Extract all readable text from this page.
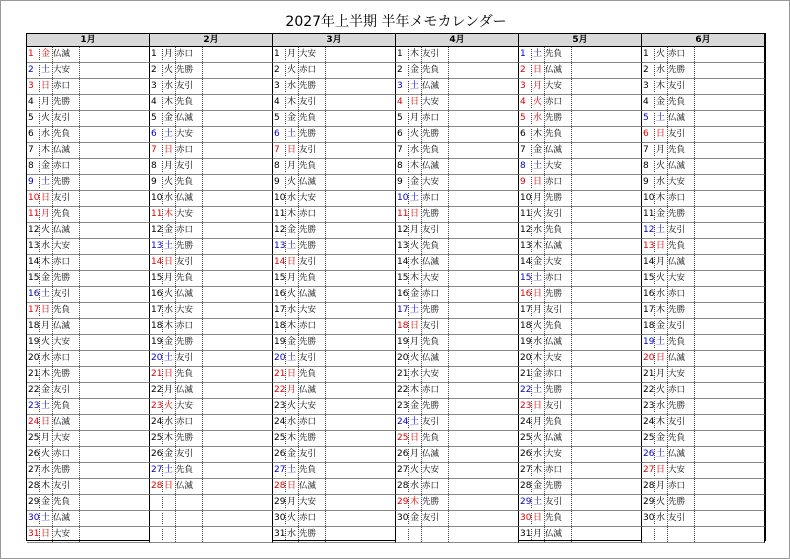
2027年上半期 半年メモカレンダー
1月
1 金 仏滅
2 土 大安
3 日 赤口
4 月 先勝
5 火 友引
6 水 先負
7 木 仏滅
8 金 赤口
9 土 先勝
10 日 友引
11 月 先負
12 火 仏滅
13 水 大安
14 木 赤口
15 金 先勝
16 土 友引
17 日 先負
18 月 仏滅
19 火 大安
20 水 赤口
21 木 先勝
22 金 友引
23 土 先負
24 日 仏滅
25 月 大安
26 火 赤口
27 水 先勝
28 木 友引
29 金 先負
30 土 仏滅
31 日 大安
2月
1 月 赤口
2 火 先勝
3 水 友引
4 木 先負
5 金 仏滅
6 土 大安
7 日 赤口
8 月 友引
9 火 先負
10 水 仏滅
11 木 大安
12 金 赤口
13 土 先勝
14 日 友引
15 月 先負
16 火 仏滅
17 水 大安
18 木 赤口
19 金 先勝
20 土 友引
21 日 先負
22 月 仏滅
23 火 大安
24 水 赤口
25 木 先勝
26 金 友引
27 土 先負
28 日 仏滅
3月
1 月 大安
2 火 赤口
3 水 先勝
4 木 友引
5 金 先負
6 土 先勝
7 日 友引
8 月 先負
9 火 仏滅
10 水 大安
11 木 赤口
12 金 先勝
13 土 先勝
14 日 友引
15 月 先負
16 火 仏滅
17 水 大安
18 木 赤口
19 金 先勝
20 土 友引
21 日 先負
22 月 仏滅
23 火 大安
24 水 赤口
25 木 先勝
26 金 友引
27 土 先負
28 日 仏滅
29 月 大安
30 火 赤口
31 水 先勝
4月
1 木 友引
2 金 先負
3 土 仏滅
4 日 大安
5 月 赤口
6 火 先勝
7 水 先負
8 木 仏滅
9 金 大安
10 土 赤口
11 日 先勝
12 月 友引
13 火 先負
14 水 仏滅
15 木 大安
16 金 赤口
17 土 先勝
18 日 友引
19 月 先負
20 火 仏滅
21 水 大安
22 木 赤口
23 金 先勝
24 土 友引
25 日 先負
26 月 仏滅
27 火 大安
28 水 赤口
29 木 先勝
30 金 友引
5月
1 土 先負
2 日 仏滅
3 月 大安
4 火 赤口
5 水 先勝
6 木 先負
7 金 仏滅
8 土 大安
9 日 赤口
10 月 先勝
11 火 友引
12 水 先負
13 木 仏滅
14 金 大安
15 土 赤口
16 日 先勝
17 月 友引
18 火 先負
19 水 仏滅
20 木 大安
21 金 赤口
22 土 先勝
23 日 友引
24 月 先負
25 火 仏滅
26 水 大安
27 木 赤口
28 金 先勝
29 土 友引
30 日 先負
31 月 仏滅
6月
1 火 赤口
2 水 先勝
3 木 友引
4 金 先負
5 土 仏滅
6 日 友引
7 月 先負
8 火 仏滅
9 水 大安
10 木 赤口
11 金 先勝
12 土 友引
13 日 先負
14 月 仏滅
15 火 大安
16 水 赤口
17 木 先勝
18 金 友引
19 土 先負
20 日 仏滅
21 月 大安
22 火 赤口
23 水 先勝
24 木 友引
25 金 先負
26 土 仏滅
27 日 大安
28 月 赤口
29 火 先勝
30 水 友引
